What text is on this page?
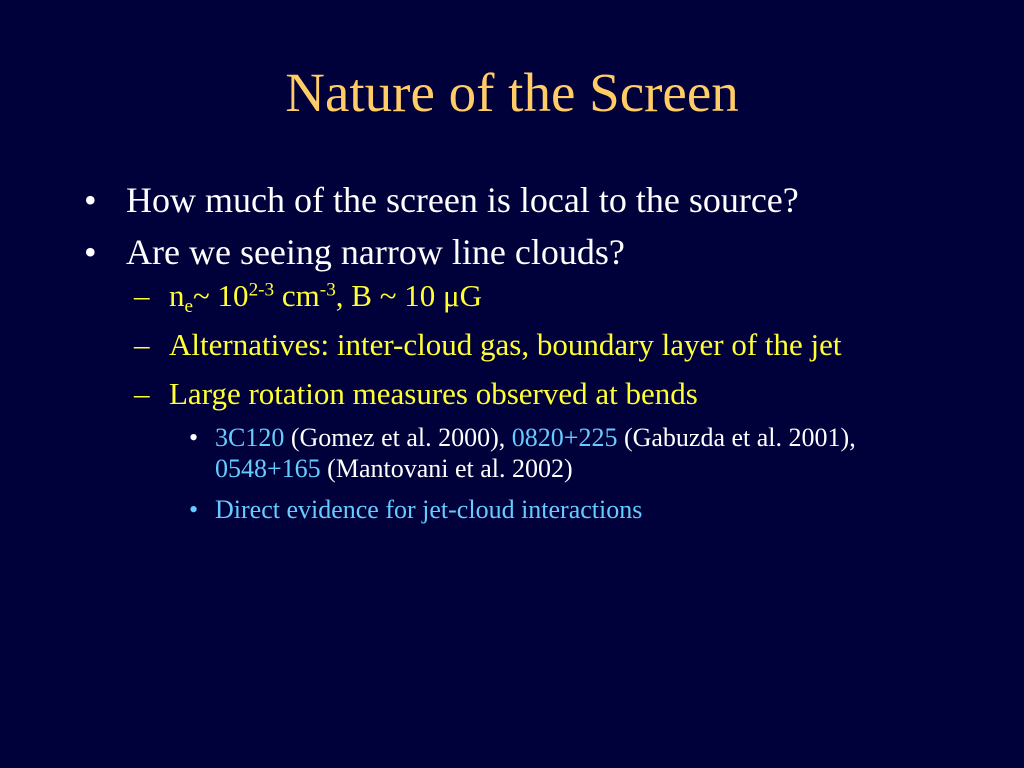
Nature of the Screen
• How much of the screen is local to the source?
• Are we seeing narrow line clouds?
– $n_e\sim$ 10$^{2-3}$ $cm^{-3}$, B ~ 10 μG
– Alternatives: inter-cloud gas, boundary layer of the jet
– Large rotation measures observed at bends
• 3C120 (Gomez et al. 2000), 0820+225 (Gabuzda et al. 2001), 0548+165 (Mantovani et al. 2002)
• Direct evidence for jet-cloud interactions
